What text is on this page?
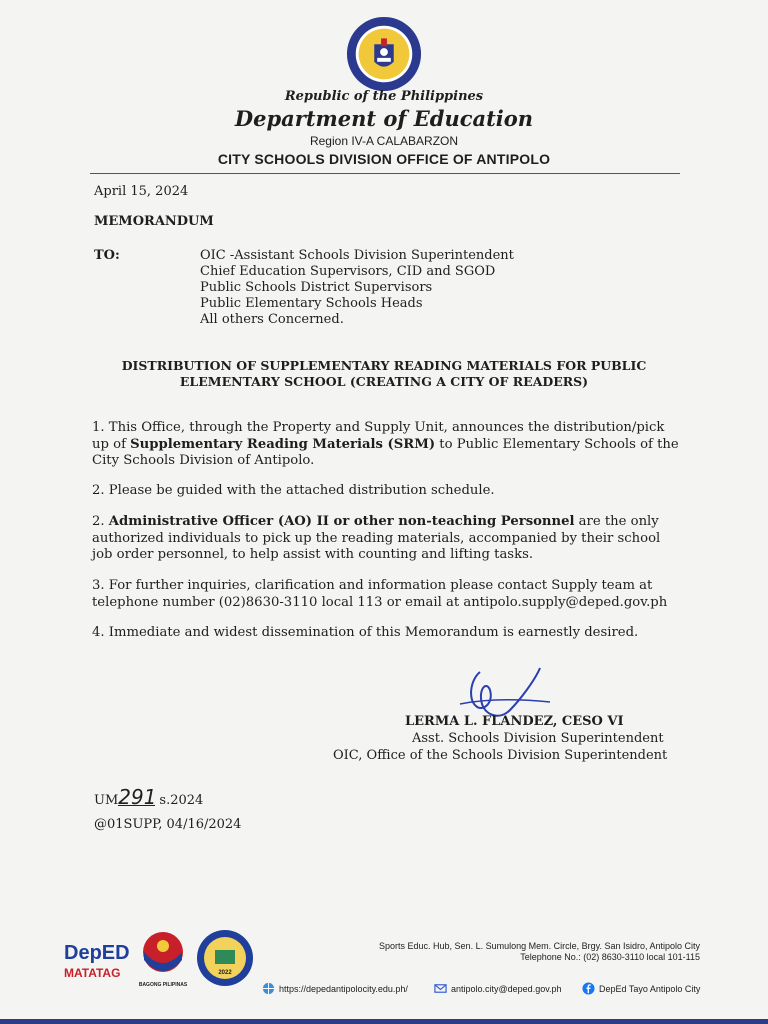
Republic of the Philippines
Department of Education
Region IV-A CALABARZON
CITY SCHOOLS DIVISION OFFICE OF ANTIPOLO
April 15, 2024
MEMORANDUM
TO:	OIC -Assistant Schools Division Superintendent
Chief Education Supervisors, CID and SGOD
Public Schools District Supervisors
Public Elementary Schools Heads
All others Concerned.
DISTRIBUTION OF SUPPLEMENTARY READING MATERIALS FOR PUBLIC
ELEMENTARY SCHOOL (CREATING A CITY OF READERS)
1. This Office, through the Property and Supply Unit, announces the distribution/pick up of Supplementary Reading Materials (SRM) to Public Elementary Schools of the City Schools Division of Antipolo.
2. Please be guided with the attached distribution schedule.
2. Administrative Officer (AO) II or other non-teaching Personnel are the only authorized individuals to pick up the reading materials, accompanied by their school job order personnel, to help assist with counting and lifting tasks.
3. For further inquiries, clarification and information please contact Supply team at telephone number (02)8630-3110 local 113 or email at antipolo.supply@deped.gov.ph
4. Immediate and widest dissemination of this Memorandum is earnestly desired.
LERMA L. FLANDEZ, CESO VI
Asst. Schools Division Superintendent
OIC, Office of the Schools Division Superintendent
UM291 s.2024
@01SUPP, 04/16/2024
DepED
MATATAG
BAGONG PILIPINAS
2022
Sports Educ. Hub, Sen. L. Sumulong Mem. Circle, Brgy. San Isidro, Antipolo City
Telephone No.: (02) 8630-3110 local 101-115
https://depedantipolocity.edu.ph/	antipolo.city@deped.gov.ph	DepEd Tayo Antipolo City
